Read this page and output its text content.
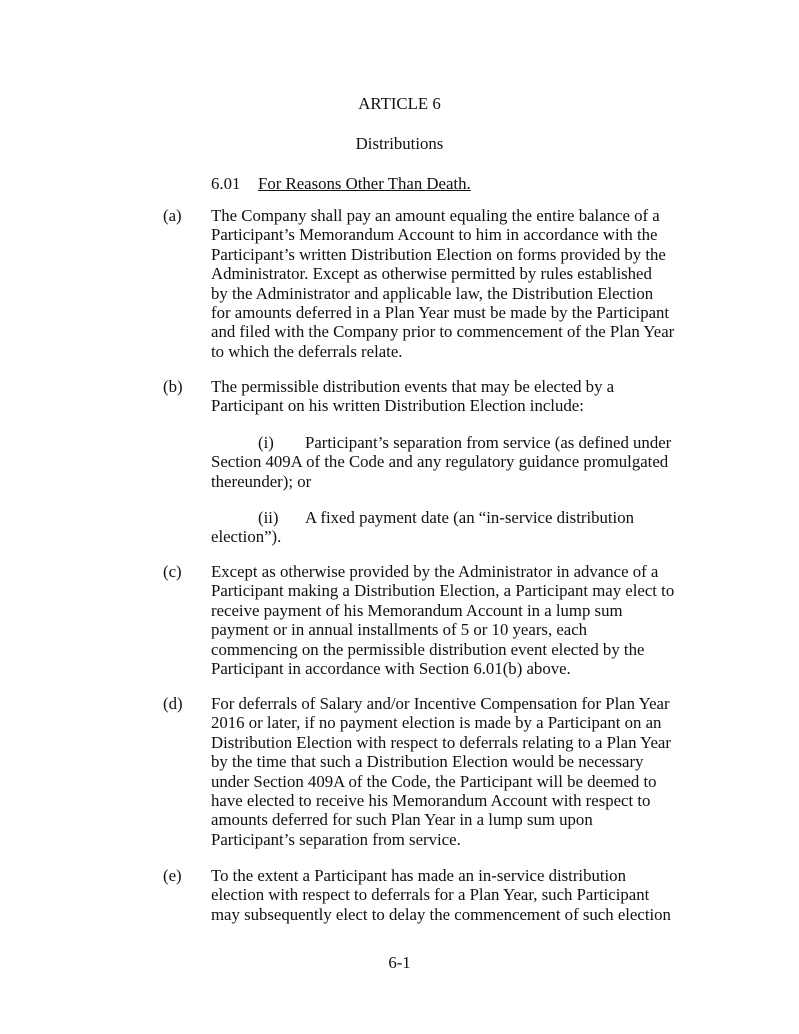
ARTICLE 6
Distributions
6.01 For Reasons Other Than Death.
(a) The Company shall pay an amount equaling the entire balance of a
Participant’s Memorandum Account to him in accordance with the
Participant’s written Distribution Election on forms provided by the
Administrator. Except as otherwise permitted by rules established
by the Administrator and applicable law, the Distribution Election
for amounts deferred in a Plan Year must be made by the Participant
and filed with the Company prior to commencement of the Plan Year
to which the deferrals relate.
(b) The permissible distribution events that may be elected by a
Participant on his written Distribution Election include:
(i) Participant’s separation from service (as defined under
Section 409A of the Code and any regulatory guidance promulgated
thereunder); or
(ii) A fixed payment date (an “in-service distribution
election”).
(c) Except as otherwise provided by the Administrator in advance of a
Participant making a Distribution Election, a Participant may elect to
receive payment of his Memorandum Account in a lump sum
payment or in annual installments of 5 or 10 years, each
commencing on the permissible distribution event elected by the
Participant in accordance with Section 6.01(b) above.
(d) For deferrals of Salary and/or Incentive Compensation for Plan Year
2016 or later, if no payment election is made by a Participant on an
Distribution Election with respect to deferrals relating to a Plan Year
by the time that such a Distribution Election would be necessary
under Section 409A of the Code, the Participant will be deemed to
have elected to receive his Memorandum Account with respect to
amounts deferred for such Plan Year in a lump sum upon
Participant’s separation from service.
(e) To the extent a Participant has made an in-service distribution
election with respect to deferrals for a Plan Year, such Participant
may subsequently elect to delay the commencement of such election
6-1
